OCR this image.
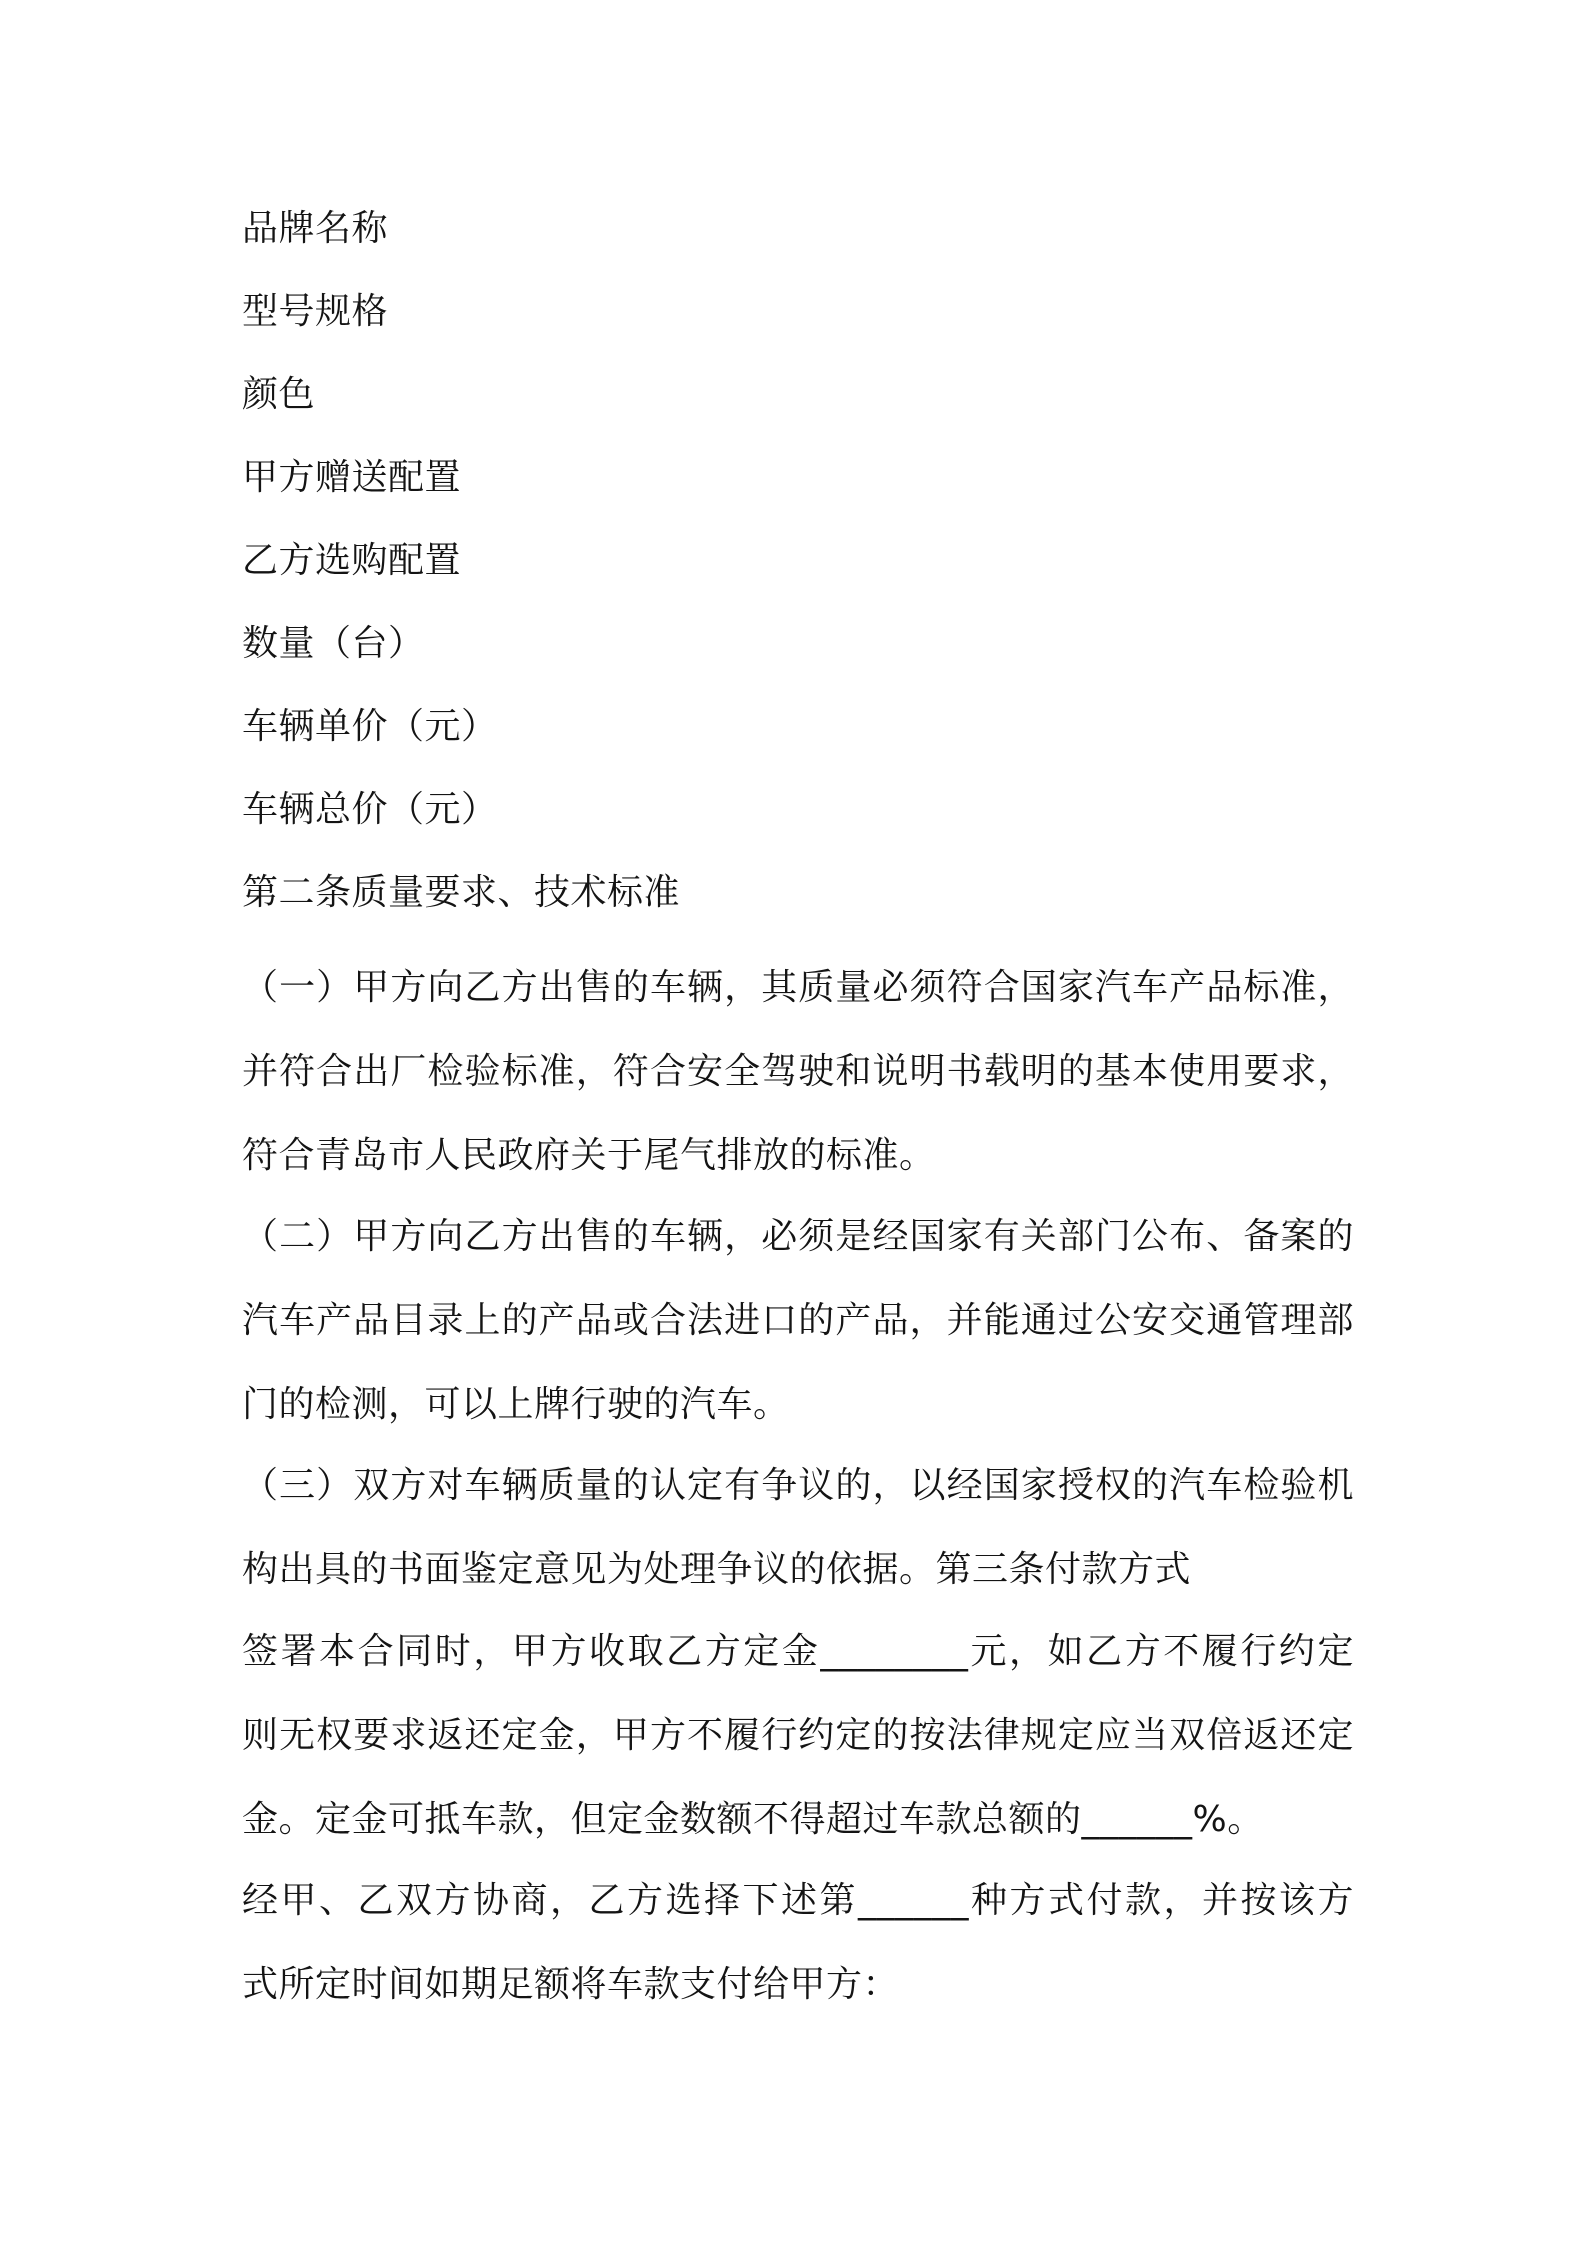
品牌名称
型号规格
颜色
甲方赠送配置
乙方选购配置
数量（台）
车辆单价（元）
车辆总价（元）
第二条质量要求、技术标准
（一）甲方向乙方出售的车辆，其质量必须符合国家汽车产品标准，
并符合出厂检验标准，符合安全驾驶和说明书载明的基本使用要求，
符合青岛市人民政府关于尾气排放的标准。
（二）甲方向乙方出售的车辆，必须是经国家有关部门公布、备案的
汽车产品目录上的产品或合法进口的产品，并能通过公安交通管理部
门的检测，可以上牌行驶的汽车。
（三）双方对车辆质量的认定有争议的，以经国家授权的汽车检验机
构出具的书面鉴定意见为处理争议的依据。第三条付款方式
签署本合同时，甲方收取乙方定金________元，如乙方不履行约定
则无权要求返还定金，甲方不履行约定的按法律规定应当双倍返还定
金。定金可抵车款，但定金数额不得超过车款总额的______%。
经甲、乙双方协商，乙方选择下述第______种方式付款，并按该方
式所定时间如期足额将车款支付给甲方：
